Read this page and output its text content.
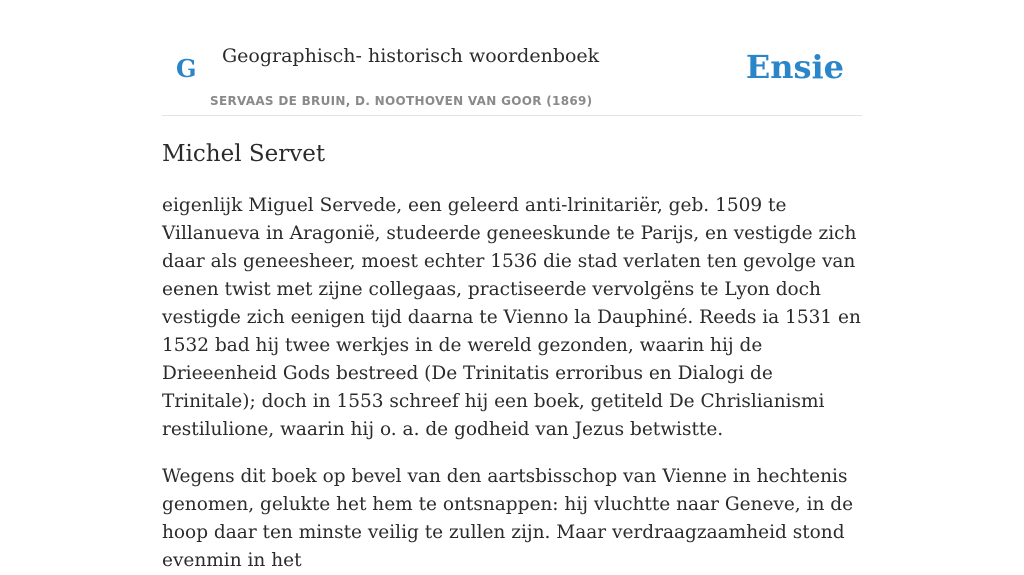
G Geographisch- historisch woordenboek
SERVAAS DE BRUIN, D. NOOTHOVEN VAN GOOR (1869)
Ensie
Michel Servet

eigenlijk Miguel Servede, een geleerd anti-lrinitariër, geb. 1509 te Villanueva in Aragonië, studeerde geneeskunde te Parijs, en vestigde zich daar als geneesheer, moest echter 1536 die stad verlaten ten gevolge van eenen twist met zijne collegaas, practiseerde vervolgëns te Lyon doch vestigde zich eenigen tijd daarna te Vienno la Dauphiné. Reeds ia 1531 en 1532 bad hij twee werkjes in de wereld gezonden, waarin hij de Drieeenheid Gods bestreed (De Trinitatis erroribus en Dialogi de Trinitale); doch in 1553 schreef hij een boek, getiteld De Chrislianismi restilulione, waarin hij o. a. de godheid van Jezus betwistte.

Wegens dit boek op bevel van den aartsbisschop van Vienne in hechtenis genomen, gelukte het hem te ontsnappen: hij vluchtte naar Geneve, in de hoop daar ten minste veilig te zullen zijn. Maar verdraagzaamheid stond evenmin in het
